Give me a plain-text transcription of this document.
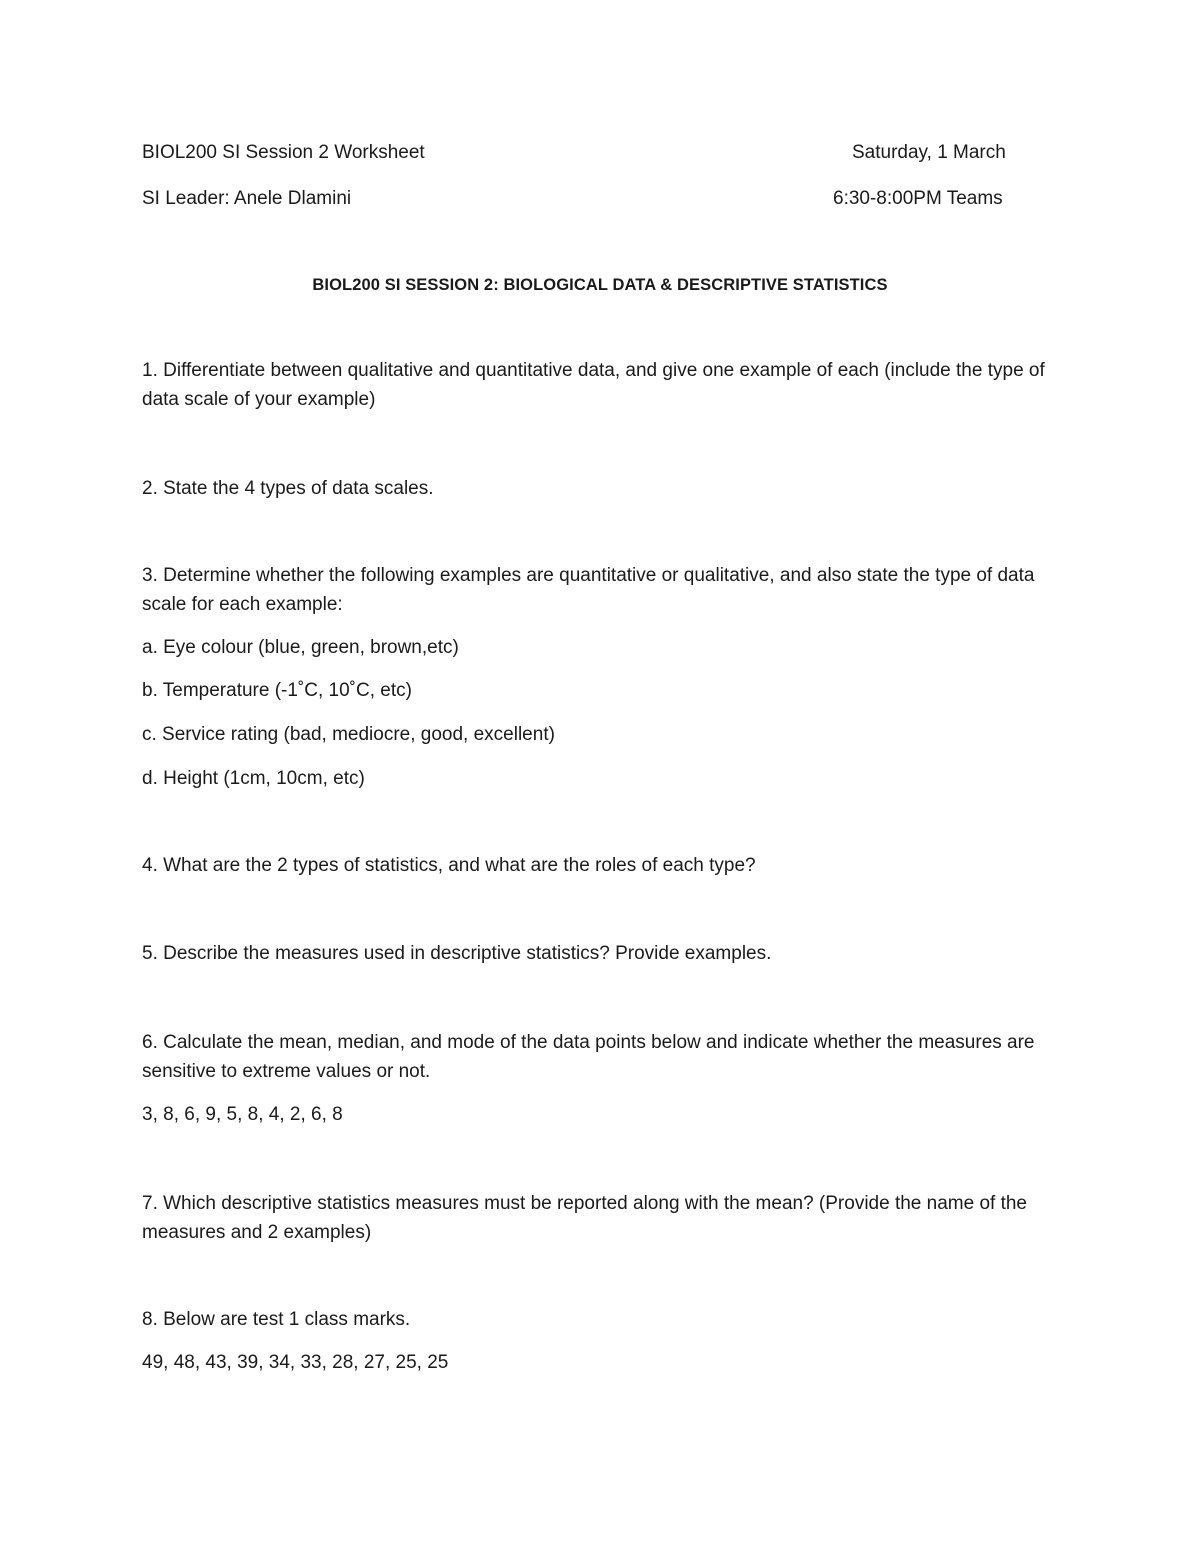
BIOL200 SI Session 2 Worksheet	Saturday, 1 March
SI Leader: Anele Dlamini	6:30-8:00PM Teams
BIOL200 SI SESSION 2: BIOLOGICAL DATA & DESCRIPTIVE STATISTICS
1. Differentiate between qualitative and quantitative data, and give one example of each (include the type of data scale of your example)
2. State the 4 types of data scales.
3. Determine whether the following examples are quantitative or qualitative, and also state the type of data scale for each example:
a. Eye colour (blue, green, brown,etc)
b. Temperature (-1˚C, 10˚C, etc)
c. Service rating (bad, mediocre, good, excellent)
d. Height (1cm, 10cm, etc)
4. What are the 2 types of statistics, and what are the roles of each type?
5. Describe the measures used in descriptive statistics? Provide examples.
6. Calculate the mean, median, and mode of the data points below and indicate whether the measures are sensitive to extreme values or not.
3, 8, 6, 9, 5, 8, 4, 2, 6, 8
7. Which descriptive statistics measures must be reported along with the mean? (Provide the name of the measures and 2 examples)
8. Below are test 1 class marks.
49, 48, 43, 39, 34, 33, 28, 27, 25, 25
